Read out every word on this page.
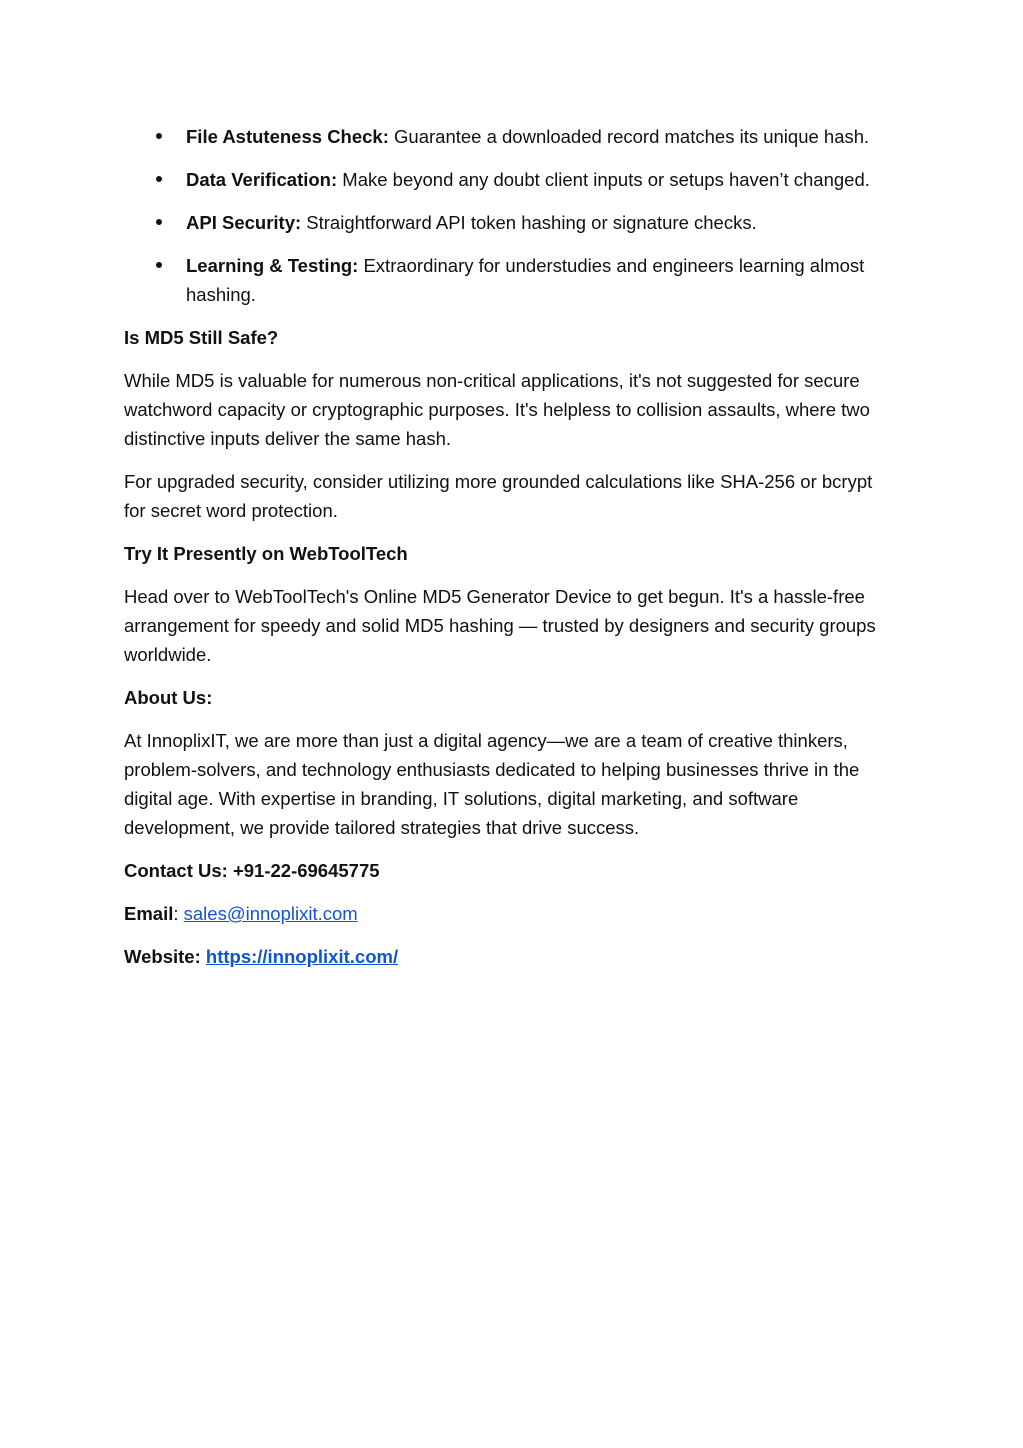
File Astuteness Check: Guarantee a downloaded record matches its unique hash.
Data Verification: Make beyond any doubt client inputs or setups haven’t changed.
API Security: Straightforward API token hashing or signature checks.
Learning & Testing: Extraordinary for understudies and engineers learning almost hashing.

Is MD5 Still Safe?

While MD5 is valuable for numerous non-critical applications, it's not suggested for secure watchword capacity or cryptographic purposes. It's helpless to collision assaults, where two distinctive inputs deliver the same hash.

For upgraded security, consider utilizing more grounded calculations like SHA-256 or bcrypt for secret word protection.

Try It Presently on WebToolTech

Head over to WebToolTech's Online MD5 Generator Device to get begun. It's a hassle-free arrangement for speedy and solid MD5 hashing — trusted by designers and security groups worldwide.

About Us:

At InnoplixIT, we are more than just a digital agency—we are a team of creative thinkers, problem-solvers, and technology enthusiasts dedicated to helping businesses thrive in the digital age. With expertise in branding, IT solutions, digital marketing, and software development, we provide tailored strategies that drive success.

Contact Us: +91-22-69645775

Email: sales@innoplixit.com

Website: https://innoplixit.com/
